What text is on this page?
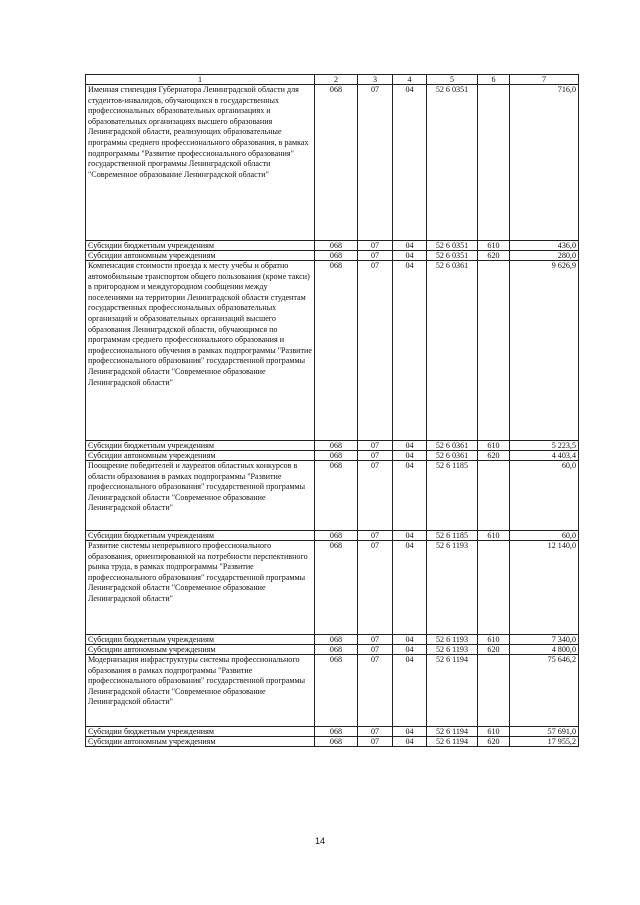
1	2	3	4	5	6	7
Именная стипендия Губернатора Ленинградской области для студентов-инвалидов, обучающихся в государственных профессиональных образовательных организациях и образовательных организациях высшего образования Ленинградской области, реализующих образовательные программы среднего профессионального образования, в рамках подпрограммы "Развитие профессионального образования" государственной программы Ленинградской области "Современное образование Ленинградской области"	068	07	04	52 6 0351		716,0
Субсидии бюджетным учреждениям	068	07	04	52 6 0351	610	436,0
Субсидии автономным учреждениям	068	07	04	52 6 0351	620	280,0
Компенсация стоимости проезда к месту учебы и обратно автомобильным транспортом общего пользования (кроме такси) в пригородном и междугородном сообщении между поселениями на территории Ленинградской области студентам государственных профессиональных образовательных организаций и образовательных организаций высшего образования Ленинградской области, обучающимся по программам среднего профессионального образования и профессионального обучения в рамках подпрограммы "Развитие профессионального образования" государственной программы Ленинградской области "Современное образование Ленинградской области"	068	07	04	52 6 0361		9 626,9
Субсидии бюджетным учреждениям	068	07	04	52 6 0361	610	5 223,5
Субсидии автономным учреждениям	068	07	04	52 6 0361	620	4 403,4
Поощрение победителей и лауреатов областных конкурсов в области образования в рамках подпрограммы "Развитие профессионального образования" государственной программы Ленинградской области "Современное образование Ленинградской области"	068	07	04	52 6 1185		60,0
Субсидии бюджетным учреждениям	068	07	04	52 6 1185	610	60,0
Развитие системы непрерывного профессионального образования, ориентированной на потребности перспективного рынка труда, в рамках подпрограммы "Развитие профессионального образования" государственной программы Ленинградской области "Современное образование Ленинградской области"	068	07	04	52 6 1193		12 140,0
Субсидии бюджетным учреждениям	068	07	04	52 6 1193	610	7 340,0
Субсидии автономным учреждениям	068	07	04	52 6 1193	620	4 800,0
Модернизация инфраструктуры системы профессионального образования в рамках подпрограммы "Развитие профессионального образования" государственной программы Ленинградской области "Современное образование Ленинградской области"	068	07	04	52 6 1194		75 646,2
Субсидии бюджетным учреждениям	068	07	04	52 6 1194	610	57 691,0
Субсидии автономным учреждениям	068	07	04	52 6 1194	620	17 955,2
14
